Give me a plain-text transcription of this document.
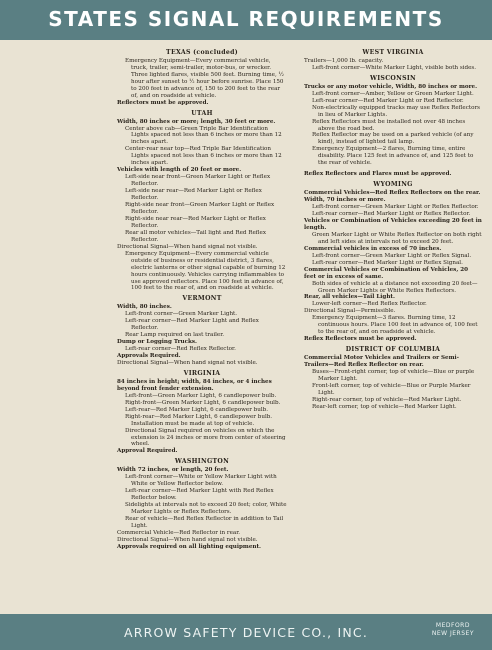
STATES SIGNAL REQUIREMENTS
TEXAS (concluded)
Emergency Equipment—Every commercial vehicle, truck, trailer, semi-trailer, motor-bus, or wrecker. Three lighted flares, visible 500 feet. Burning time, ½ hour after sunset to ½ hour before sunrise. Place 150 to 200 feet in advance of, 150 to 200 feet to the rear of, and on roadside at vehicle.
Reflectors must be approved.
UTAH
Width, 80 inches or more; length, 30 feet or more.
Center above cab—Green Triple Bar Identification Lights spaced not less than 6 inches or more than 12 inches apart.
Center-rear near top—Red Triple Bar Identification Lights spaced not less than 6 inches or more than 12 inches apart.
Vehicles with length of 20 feet or more.
Left-side near front—Green Marker Light or Reflex Reflector.
Left-side near rear—Red Marker Light or Reflex Reflector.
Right-side near front—Green Marker Light or Reflex Reflector.
Right-side near rear—Red Marker Light or Reflex Reflector.
Rear all motor vehicles—Tail light and Red Reflex Reflector.
Directional Signal—When hand signal not visible.
Emergency Equipment—Every commercial vehicle outside of business or residential district, 3 flares, electric lanterns or other signal capable of burning 12 hours continuously. Vehicles carrying inflammables to use approved reflectors. Place 100 feet in advance of, 100 feet to the rear of, and on roadside at vehicle.
VERMONT
Width, 80 inches.
Left-front corner—Green Marker Light.
Left-rear corner—Red Marker Light and Reflex Reflector.
Rear Lamp required on last trailer.
Dump or Logging Trucks.
Left-rear corner—Red Reflex Reflector.
Approvals Required.
Directional Signal—When hand signal not visible.
VIRGINIA
84 inches in height; width, 84 inches, or 4 inches beyond front fender extension.
Left-front—Green Marker Light, 6 candlepower bulb.
Right-front—Green Marker Light, 6 candlepower bulb.
Left-rear—Red Marker Light, 6 candlepower bulb.
Right-rear—Red Marker Light, 6 candlepower bulb. Installation must be made at top of vehicle.
Directional Signal required on vehicles on which the extension is 24 inches or more from center of steering wheel.
Approval Required.
WASHINGTON
Width 72 inches, or length, 20 feet.
Left-front corner—White or Yellow Marker Light with White or Yellow Reflector below.
Left-rear corner—Red Marker Light with Red Reflex Reflector below.
Sidelights at intervals not to exceed 20 feet; color, White Marker Lights or Reflex Reflectors.
Rear of vehicle—Red Reflex Reflector in addition to Tail Light.
Commercial Vehicle—Red Reflector in rear.
Directional Signal—When hand signal not visible.
Approvals required on all lighting equipment.
WEST VIRGINIA
Trailers—1,000 lb. capacity.
Left-front corner—White Marker Light, visible both sides.
WISCONSIN
Trucks or any motor vehicle, Width, 80 inches or more.
Left-front corner—Amber, Yellow or Green Marker Light.
Left-rear corner—Red Marker Light or Red Reflector.
Non-electrically equipped tracks may use Reflex Reflectors in lieu of Marker Lights.
Reflex Reflectors must be installed not over 48 inches above the road bed.
Reflex Reflector may be used on a parked vehicle (of any kind), instead of lighted tail lamp.
Emergency Equipment—2 flares, Burning time, entire disability. Place 125 feet in advance of, and 125 feet to the rear of vehicle.
Reflex Reflectors and Flares must be approved.
WYOMING
Commercial Vehicles—Red Reflex Reflectors on the rear.
Width, 70 inches or more.
Left-front corner—Green Marker Light or Reflex Reflector.
Left-rear corner—Red Marker Light or Reflex Reflector.
Vehicles or Combination of Vehicles exceeding 20 feet in length.
Green Marker Light or White Reflex Reflector on both right and left sides at intervals not to exceed 20 feet.
Commercial vehicles in excess of 70 inches.
Left-front corner—Green Marker Light or Reflex Signal.
Left-rear corner—Red Marker Light or Reflex Signal.
Commercial Vehicles or Combination of Vehicles, 20 feet or in excess of same.
Both sides of vehicle at a distance not exceeding 20 feet—Green Marker Lights or White Reflex Reflectors.
Rear, all vehicles—Tail Light.
Lower-left corner—Red Reflex Reflector.
Directional Signal—Permissible.
Emergency Equipment—3 flares. Burning time, 12 continuous hours. Place 100 feet in advance of, 100 feet to the rear of, and on roadside at vehicle.
Reflex Reflectors must be approved.
DISTRICT OF COLUMBIA
Commercial Motor Vehicles and Trailers or Semi-Trailers—Red Reflex Reflector on rear.
Buses—Front-right corner, top of vehicle—Blue or purple Marker Light.
Front-left corner, top of vehicle—Blue or Purple Marker Light.
Right-rear corner, top of vehicle—Red Marker Light.
Rear-left corner, top of vehicle—Red Marker Light.
ARROW SAFETY DEVICE CO., INC.	MEDFORD
NEW JERSEY
